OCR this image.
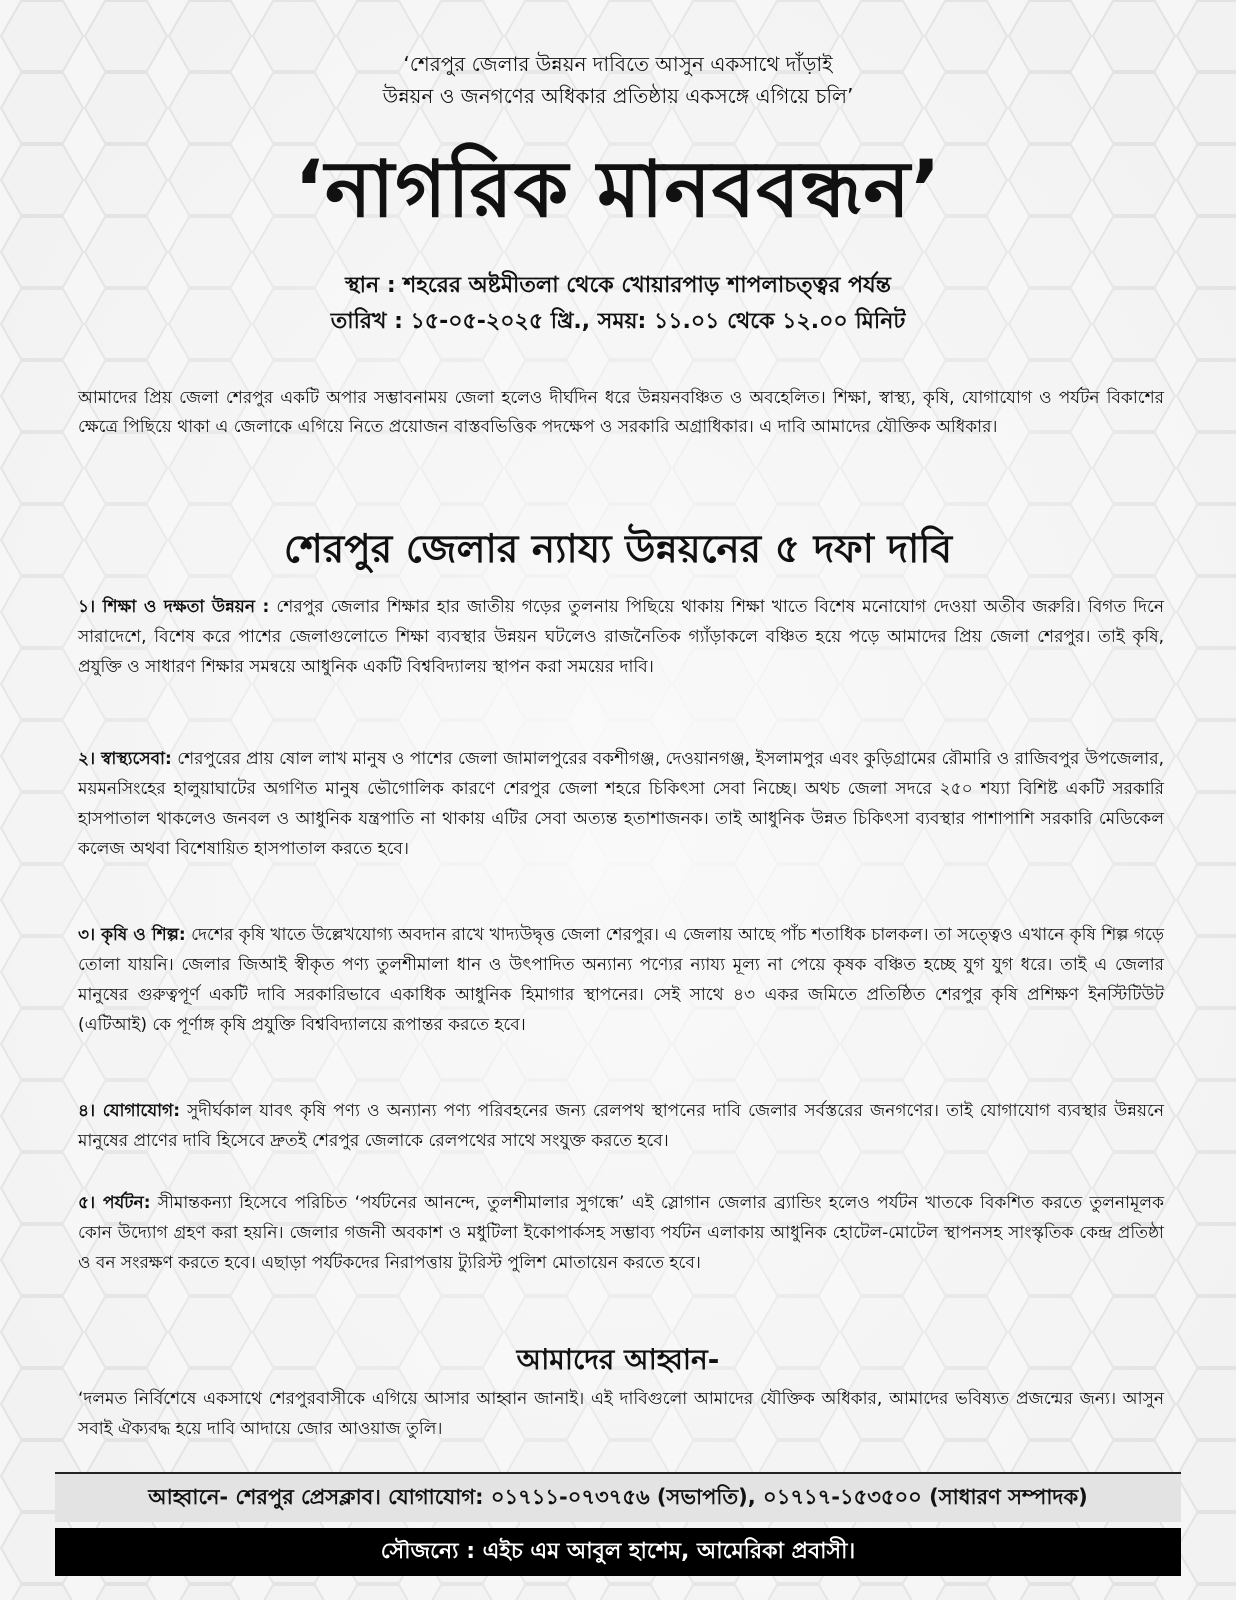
‘শেরপুর জেলার উন্নয়ন দাবিতে আসুন একসাথে দাঁড়াই
উন্নয়ন ও জনগণের অধিকার প্রতিষ্ঠায় একসঙ্গে এগিয়ে চলি’
‘নাগরিক মানববন্ধন’
স্থান : শহরের অষ্টমীতলা থেকে খোয়ারপাড় শাপলাচত্ত্বর পর্যন্ত
তারিখ : ১৫-০৫-২০২৫ খ্রি., সময়: ১১.০১ থেকে ১২.০০ মিনিট
আমাদের প্রিয় জেলা শেরপুর একটি অপার সম্ভাবনাময় জেলা হলেও দীর্ঘদিন ধরে উন্নয়নবঞ্চিত ও অবহেলিত। শিক্ষা, স্বাস্থ্য, কৃষি, যোগাযোগ ও পর্যটন বিকাশের ক্ষেত্রে পিছিয়ে থাকা এ জেলাকে এগিয়ে নিতে প্রয়োজন বাস্তবভিত্তিক পদক্ষেপ ও সরকারি অগ্রাধিকার। এ দাবি আমাদের যৌক্তিক অধিকার।
শেরপুর জেলার ন্যায্য উন্নয়নের ৫ দফা দাবি
১। শিক্ষা ও দক্ষতা উন্নয়ন : শেরপুর জেলার শিক্ষার হার জাতীয় গড়ের তুলনায় পিছিয়ে থাকায় শিক্ষা খাতে বিশেষ মনোযোগ দেওয়া অতীব জরুরি। বিগত দিনে সারাদেশে, বিশেষ করে পাশের জেলাগুলোতে শিক্ষা ব্যবস্থার উন্নয়ন ঘটলেও রাজনৈতিক গ্যাঁড়াকলে বঞ্চিত হয়ে পড়ে আমাদের প্রিয় জেলা শেরপুর। তাই কৃষি, প্রযুক্তি ও সাধারণ শিক্ষার সমন্বয়ে আধুনিক একটি বিশ্ববিদ্যালয় স্থাপন করা সময়ের দাবি।
২। স্বাস্থ্যসেবা: শেরপুরের প্রায় ষোল লাখ মানুষ ও পাশের জেলা জামালপুরের বকশীগঞ্জ, দেওয়ানগঞ্জ, ইসলামপুর এবং কুড়িগ্রামের রৌমারি ও রাজিবপুর উপজেলার, ময়মনসিংহের হালুয়াঘাটের অগণিত মানুষ ভৌগোলিক কারণে শেরপুর জেলা শহরে চিকিৎসা সেবা নিচ্ছে। অথচ জেলা সদরে ২৫০ শয্যা বিশিষ্ট একটি সরকারি হাসপাতাল থাকলেও জনবল ও আধুনিক যন্ত্রপাতি না থাকায় এটির সেবা অত্যন্ত হতাশাজনক। তাই আধুনিক উন্নত চিকিৎসা ব্যবস্থার পাশাপাশি সরকারি মেডিকেল কলেজ অথবা বিশেষায়িত হাসপাতাল করতে হবে।
৩। কৃষি ও শিল্প: দেশের কৃষি খাতে উল্লেখযোগ্য অবদান রাখে খাদ্যউদ্বৃত্ত জেলা শেরপুর। এ জেলায় আছে পাঁচ শতাধিক চালকল। তা সত্ত্বেও এখানে কৃষি শিল্প গড়ে তোলা যায়নি। জেলার জিআই স্বীকৃত পণ্য তুলশীমালা ধান ও উৎপাদিত অন্যান্য পণ্যের ন্যায্য মূল্য না পেয়ে কৃষক বঞ্চিত হচ্ছে যুগ যুগ ধরে। তাই এ জেলার মানুষের গুরুত্বপূর্ণ একটি দাবি সরকারিভাবে একাধিক আধুনিক হিমাগার স্থাপনের। সেই সাথে ৪৩ একর জমিতে প্রতিষ্ঠিত শেরপুর কৃষি প্রশিক্ষণ ইনস্টিটিউট (এটিআই) কে পূর্ণাঙ্গ কৃষি প্রযুক্তি বিশ্ববিদ্যালয়ে রূপান্তর করতে হবে।
৪। যোগাযোগ: সুদীর্ঘকাল যাবৎ কৃষি পণ্য ও অন্যান্য পণ্য পরিবহনের জন্য রেলপথ স্থাপনের দাবি জেলার সর্বস্তরের জনগণের। তাই যোগাযোগ ব্যবস্থার উন্নয়নে মানুষের প্রাণের দাবি হিসেবে দ্রুতই শেরপুর জেলাকে রেলপথের সাথে সংযুক্ত করতে হবে।
৫। পর্যটন: সীমান্তকন্যা হিসেবে পরিচিত ‘পর্যটনের আনন্দে, তুলশীমালার সুগন্ধে’ এই স্লোগান জেলার ব্র্যান্ডিং হলেও পর্যটন খাতকে বিকশিত করতে তুলনামূলক কোন উদ্যোগ গ্রহণ করা হয়নি। জেলার গজনী অবকাশ ও মধুটিলা ইকোপার্কসহ সম্ভাব্য পর্যটন এলাকায় আধুনিক হোটেল-মোটেল স্থাপনসহ সাংস্কৃতিক কেন্দ্র প্রতিষ্ঠা ও বন সংরক্ষণ করতে হবে। এছাড়া পর্যটকদের নিরাপত্তায় ট্যুরিস্ট পুলিশ মোতায়েন করতে হবে।
আমাদের আহ্বান-
‘দলমত নির্বিশেষে একসাথে শেরপুরবাসীকে এগিয়ে আসার আহ্বান জানাই। এই দাবিগুলো আমাদের যৌক্তিক অধিকার, আমাদের ভবিষ্যত প্রজন্মের জন্য। আসুন সবাই ঐক্যবদ্ধ হয়ে দাবি আদায়ে জোর আওয়াজ তুলি।
আহ্বানে- শেরপুর প্রেসক্লাব। যোগাযোগ: ০১৭১১-০৭৩৭৫৬ (সভাপতি), ০১৭১৭-১৫৩৫০০ (সাধারণ সম্পাদক)
সৌজন্যে : এইচ এম আবুল হাশেম, আমেরিকা প্রবাসী।
